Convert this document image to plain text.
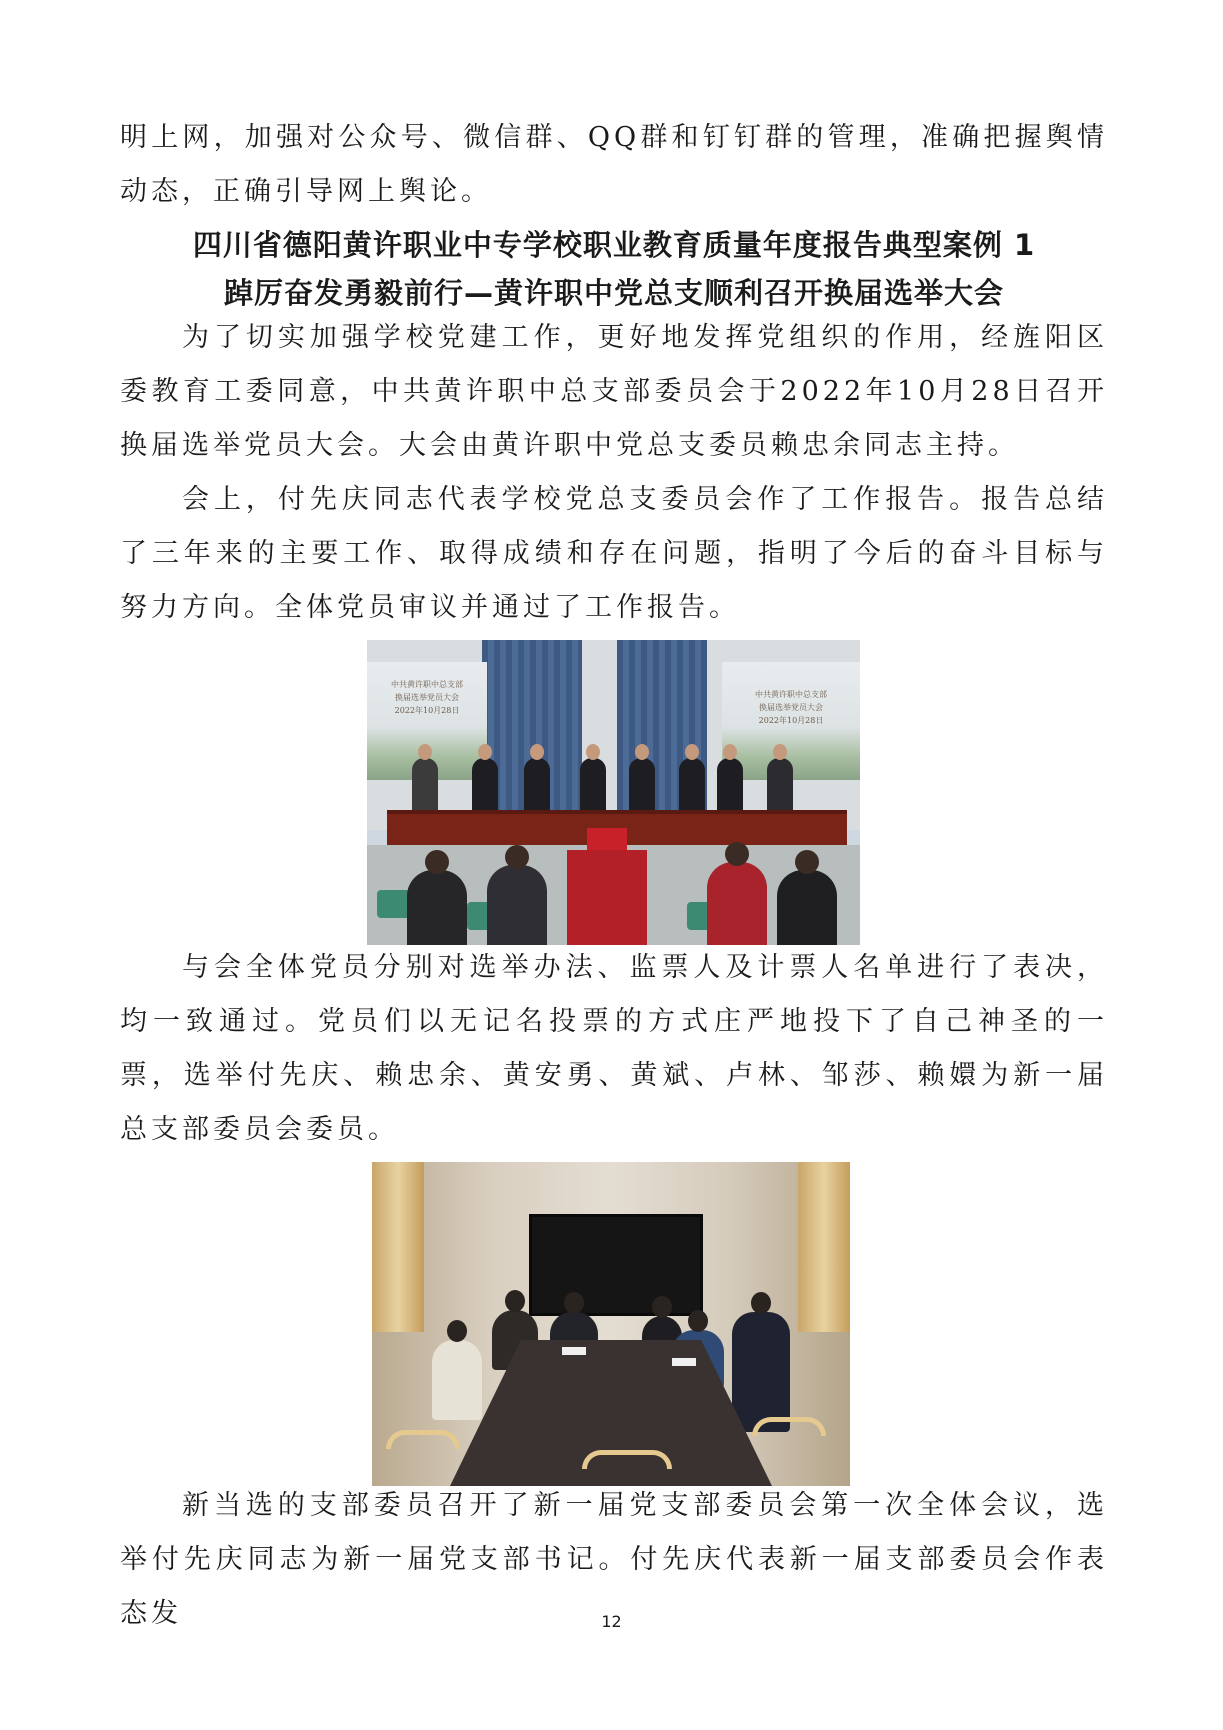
明上网，加强对公众号、微信群、QQ群和钉钉群的管理，准确把握舆情动态，正确引导网上舆论。

四川省德阳黄许职业中专学校职业教育质量年度报告典型案例 1
踔厉奋发勇毅前行—黄许职中党总支顺利召开换届选举大会

为了切实加强学校党建工作，更好地发挥党组织的作用，经旌阳区委教育工委同意，中共黄许职中总支部委员会于2022年10月28日召开换届选举党员大会。大会由黄许职中党总支委员赖忠余同志主持。

会上，付先庆同志代表学校党总支委员会作了工作报告。报告总结了三年来的主要工作、取得成绩和存在问题，指明了今后的奋斗目标与努力方向。全体党员审议并通过了工作报告。

中共黄许职中总支部
换届选举党员大会
2022年10月28日
中共黄许职中总支部
换届选举党员大会
2022年10月28日

与会全体党员分别对选举办法、监票人及计票人名单进行了表决，均一致通过。党员们以无记名投票的方式庄严地投下了自己神圣的一票，选举付先庆、赖忠余、黄安勇、黄斌、卢林、邹莎、赖嬛为新一届总支部委员会委员。

新当选的支部委员召开了新一届党支部委员会第一次全体会议，选举付先庆同志为新一届党支部书记。付先庆代表新一届支部委员会作表态发	12
